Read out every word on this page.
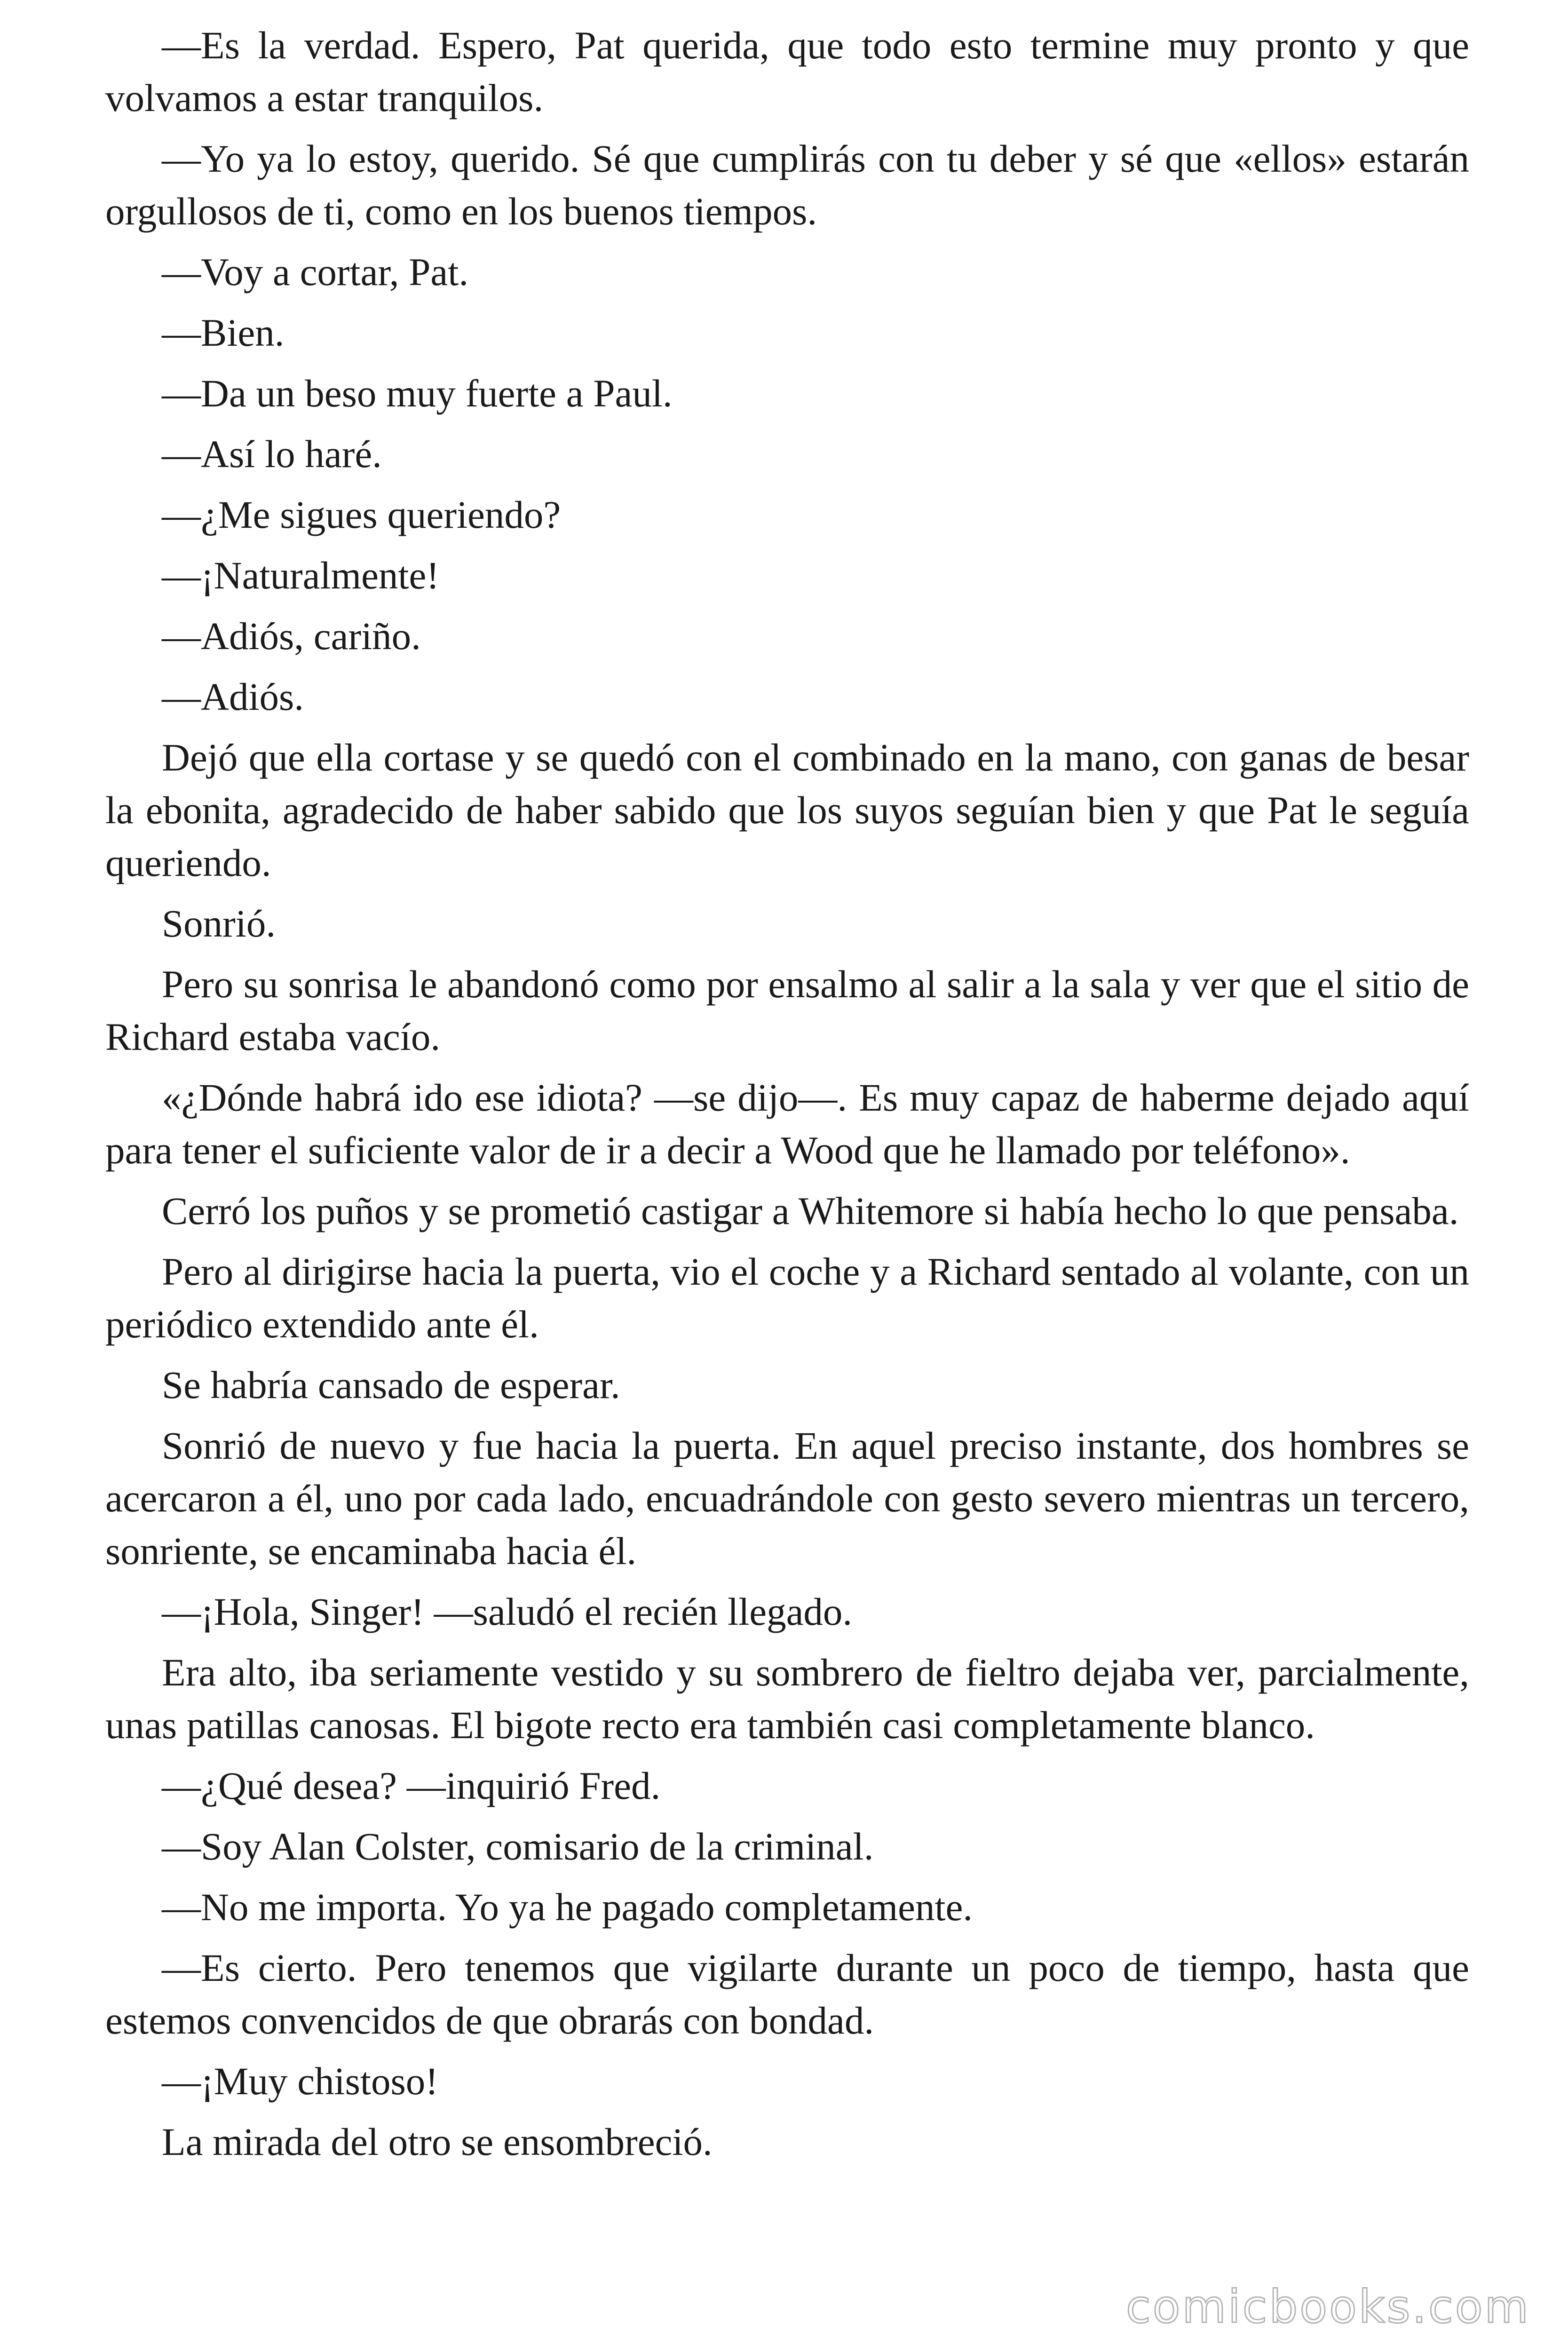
—Es la verdad. Espero, Pat querida, que todo esto termine muy pronto y que volvamos a estar tranquilos.

—Yo ya lo estoy, querido. Sé que cumplirás con tu deber y sé que «ellos» estarán orgullosos de ti, como en los buenos tiempos.

—Voy a cortar, Pat.

—Bien.

—Da un beso muy fuerte a Paul.

—Así lo haré.

—¿Me sigues queriendo?

—¡Naturalmente!

—Adiós, cariño.

—Adiós.

Dejó que ella cortase y se quedó con el combinado en la mano, con ganas de besar la ebonita, agradecido de haber sabido que los suyos seguían bien y que Pat le seguía queriendo.

Sonrió.

Pero su sonrisa le abandonó como por ensalmo al salir a la sala y ver que el sitio de Richard estaba vacío.

«¿Dónde habrá ido ese idiota? —se dijo—. Es muy capaz de haberme dejado aquí para tener el suficiente valor de ir a decir a Wood que he llamado por teléfono».

Cerró los puños y se prometió castigar a Whitemore si había hecho lo que pensaba.

Pero al dirigirse hacia la puerta, vio el coche y a Richard sentado al volante, con un periódico extendido ante él.

Se habría cansado de esperar.

Sonrió de nuevo y fue hacia la puerta. En aquel preciso instante, dos hombres se acercaron a él, uno por cada lado, encuadrándole con gesto severo mientras un tercero, sonriente, se encaminaba hacia él.

—¡Hola, Singer! —saludó el recién llegado.

Era alto, iba seriamente vestido y su sombrero de fieltro dejaba ver, parcialmente, unas patillas canosas. El bigote recto era también casi completamente blanco.

—¿Qué desea? —inquirió Fred.

—Soy Alan Colster, comisario de la criminal.

—No me importa. Yo ya he pagado completamente.

—Es cierto. Pero tenemos que vigilarte durante un poco de tiempo, hasta que estemos convencidos de que obrarás con bondad.

—¡Muy chistoso!

La mirada del otro se ensombreció.

comicbooks.com
